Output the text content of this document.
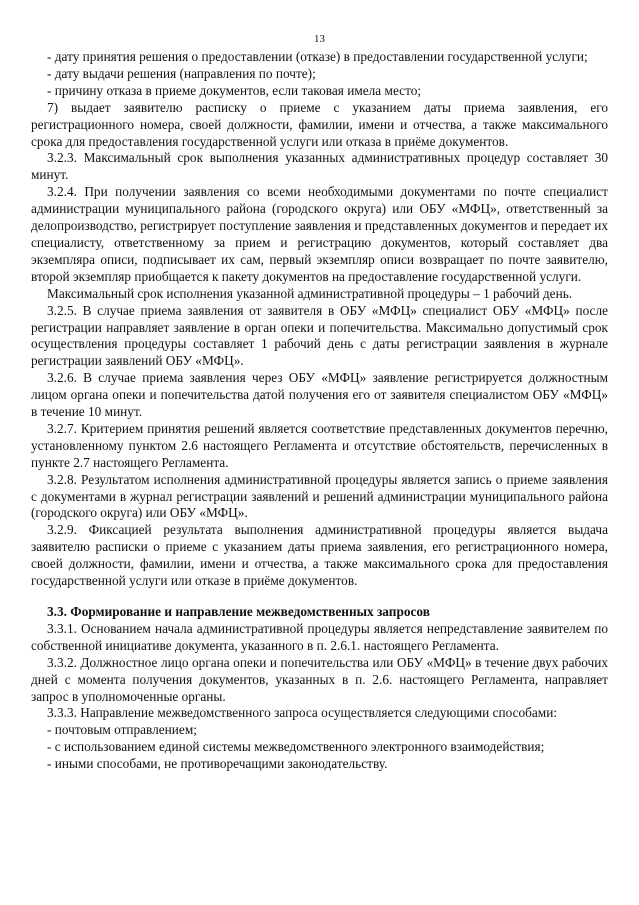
13

- дату принятия решения о предоставлении (отказе) в предоставлении государственной услуги;

- дату выдачи решения (направления по почте);

- причину отказа в приеме документов, если таковая имела место;

7) выдает заявителю расписку о приеме с указанием даты приема заявления, его регистрационного номера, своей должности, фамилии, имени и отчества, а также максимального срока для предоставления государственной услуги или отказа в приёме документов.

3.2.3. Максимальный срок выполнения указанных административных процедур составляет 30 минут.

3.2.4. При получении заявления со всеми необходимыми документами по почте специалист администрации муниципального района (городского округа) или ОБУ «МФЦ», ответственный за делопроизводство, регистрирует поступление заявления и представленных документов и передает их специалисту, ответственному за прием и регистрацию документов, который составляет два экземпляра описи, подписывает их сам, первый экземпляр описи возвращает по почте заявителю, второй экземпляр приобщается к пакету документов на предоставление государственной услуги.

Максимальный срок исполнения указанной административной процедуры – 1 рабочий день.

3.2.5. В случае приема заявления от заявителя в ОБУ «МФЦ» специалист ОБУ «МФЦ» после регистрации направляет заявление в орган опеки и попечительства. Максимально допустимый срок осуществления процедуры составляет 1 рабочий день с даты регистрации заявления в журнале регистрации заявлений ОБУ «МФЦ».

3.2.6. В случае приема заявления через ОБУ «МФЦ» заявление регистрируется должностным лицом органа опеки и попечительства датой получения его от заявителя специалистом ОБУ «МФЦ» в течение 10 минут.

3.2.7. Критерием принятия решений является соответствие представленных документов перечню, установленному пунктом 2.6 настоящего Регламента и отсутствие обстоятельств, перечисленных в пункте 2.7 настоящего Регламента.

3.2.8. Результатом исполнения административной процедуры является запись о приеме заявления с документами в журнал регистрации заявлений и решений администрации муниципального района (городского округа) или ОБУ «МФЦ».

3.2.9. Фиксацией результата выполнения административной процедуры является выдача заявителю расписки о приеме с указанием даты приема заявления, его регистрационного номера, своей должности, фамилии, имени и отчества, а также максимального срока для предоставления государственной услуги или отказе в приёме документов.

3.3. Формирование и направление межведомственных запросов

3.3.1. Основанием начала административной процедуры является непредставление заявителем по собственной инициативе документа, указанного в п. 2.6.1. настоящего Регламента.

3.3.2. Должностное лицо органа опеки и попечительства или ОБУ «МФЦ» в течение двух рабочих дней с момента получения документов, указанных в п. 2.6. настоящего Регламента, направляет запрос в уполномоченные органы.

3.3.3. Направление межведомственного запроса осуществляется следующими способами:

- почтовым отправлением;

- с использованием единой системы межведомственного электронного взаимодействия;

- иными способами, не противоречащими законодательству.
